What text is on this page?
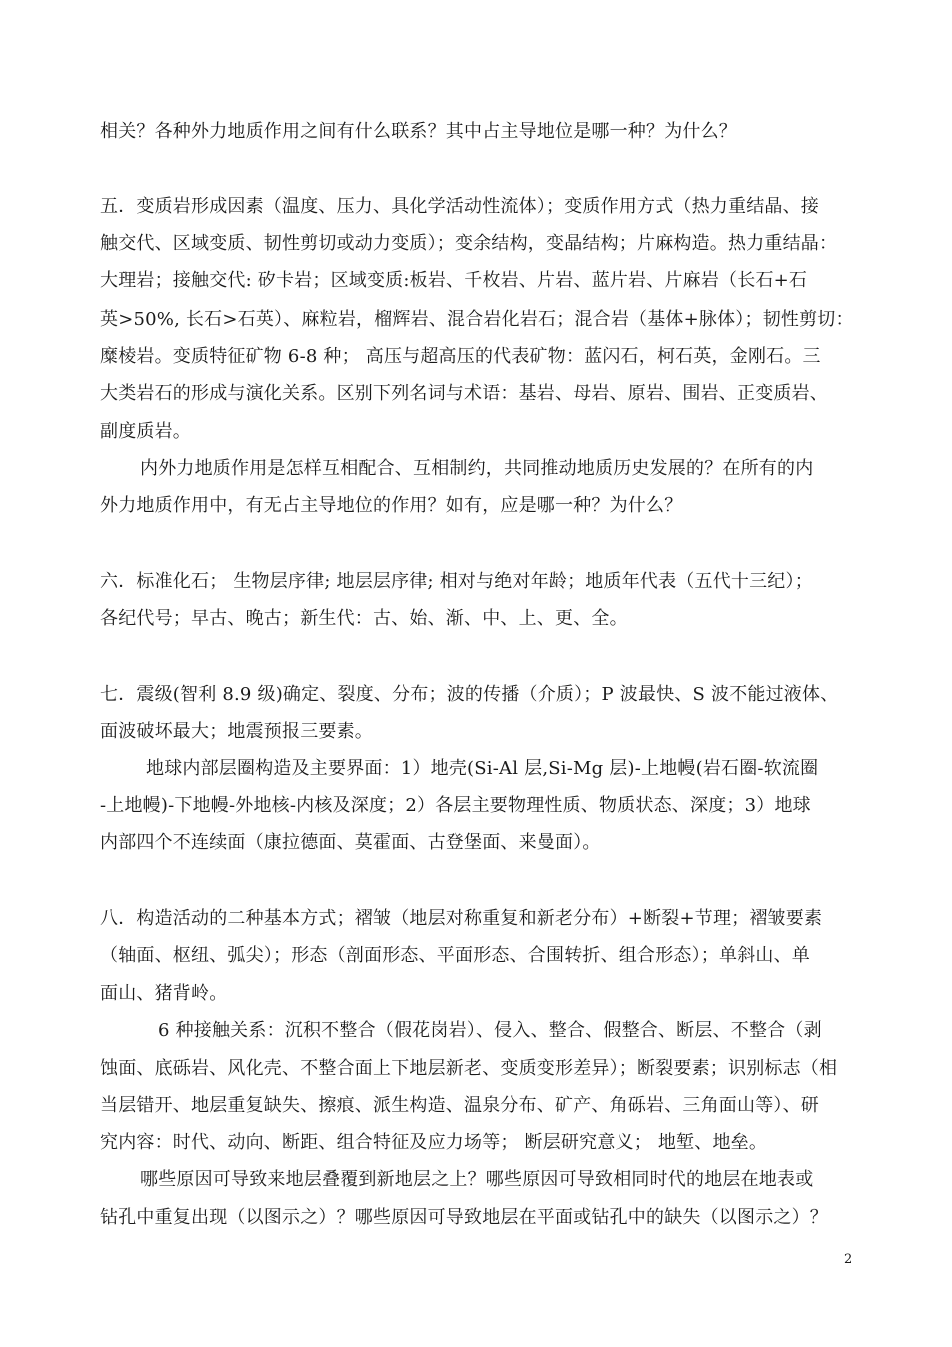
相关？各种外力地质作用之间有什么联系？其中占主导地位是哪一种？为什么？
五．变质岩形成因素（温度、压力、具化学活动性流体）；变质作用方式（热力重结晶、接
触交代、区域变质、韧性剪切或动力变质）；变余结构，变晶结构；片麻构造。热力重结晶：
大理岩；接触交代: 矽卡岩；区域变质:板岩、千枚岩、片岩、蓝片岩、片麻岩（长石+石
英>50%, 长石>石英）、麻粒岩，榴辉岩、混合岩化岩石；混合岩（基体+脉体）；韧性剪切：
糜棱岩。变质特征矿物 6-8 种； 高压与超高压的代表矿物：蓝闪石，柯石英，金刚石。三
大类岩石的形成与演化关系。区别下列名词与术语：基岩、母岩、原岩、围岩、正变质岩、
副度质岩。
内外力地质作用是怎样互相配合、互相制约，共同推动地质历史发展的？在所有的内
外力地质作用中，有无占主导地位的作用？如有，应是哪一种？为什么？
六．标准化石； 生物层序律; 地层层序律; 相对与绝对年龄；地质年代表（五代十三纪）；
各纪代号；早古、晚古；新生代：古、始、渐、中、上、更、全。
七．震级(智利 8.9 级)确定、裂度、分布；波的传播（介质）；P 波最快、S 波不能过液体、
面波破坏最大；地震预报三要素。
地球内部层圈构造及主要界面：1）地壳(Si-Al 层,Si-Mg 层)-上地幔(岩石圈-软流圈
-上地幔)-下地幔-外地核-内核及深度；2）各层主要物理性质、物质状态、深度；3）地球
内部四个不连续面（康拉德面、莫霍面、古登堡面、来曼面）。
八．构造活动的二种基本方式；褶皱（地层对称重复和新老分布）+断裂+节理；褶皱要素
（轴面、枢纽、弧尖）；形态（剖面形态、平面形态、合围转折、组合形态）；单斜山、单
面山、猪背岭。
6 种接触关系：沉积不整合（假花岗岩）、侵入、整合、假整合、断层、不整合（剥
蚀面、底砾岩、风化壳、不整合面上下地层新老、变质变形差异）；断裂要素；识别标志（相
当层错开、地层重复缺失、擦痕、派生构造、温泉分布、矿产、角砾岩、三角面山等）、研
究内容：时代、动向、断距、组合特征及应力场等； 断层研究意义； 地堑、地垒。
哪些原因可导致来地层叠覆到新地层之上？哪些原因可导致相同时代的地层在地表或
钻孔中重复出现（以图示之）？哪些原因可导致地层在平面或钻孔中的缺失（以图示之）？
2
